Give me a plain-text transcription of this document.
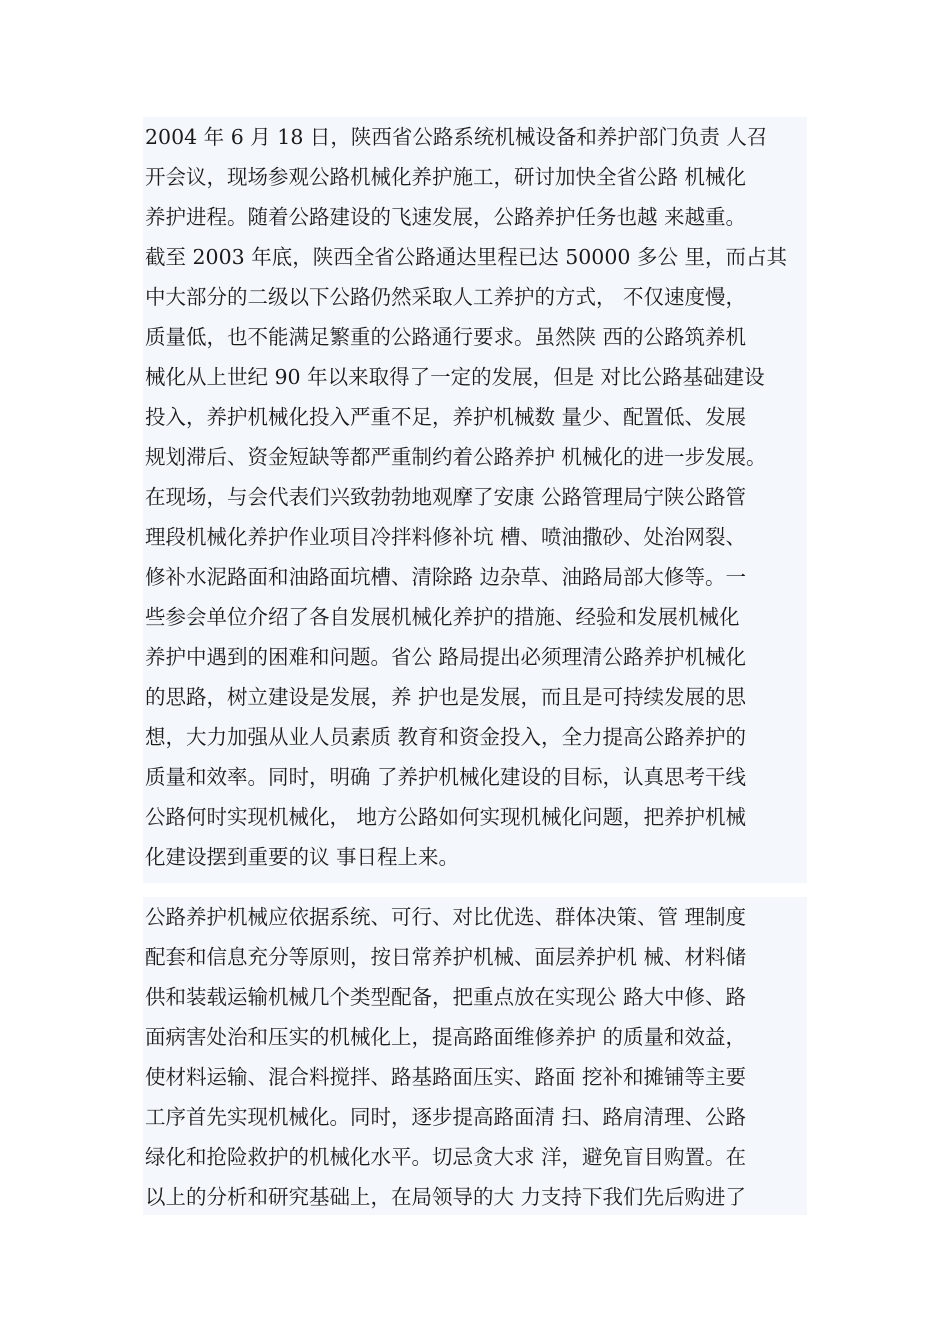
2004 年 6 月 18 日，陕西省公路系统机械设备和养护部门负责 人召
开会议，现场参观公路机械化养护施工，研讨加快全省公路 机械化
养护进程。随着公路建设的飞速发展，公路养护任务也越 来越重。
截至 2003 年底，陕西全省公路通达里程已达 50000 多公 里，而占其
中大部分的二级以下公路仍然采取人工养护的方式， 不仅速度慢，
质量低，也不能满足繁重的公路通行要求。虽然陕 西的公路筑养机
械化从上世纪 90 年以来取得了一定的发展，但是 对比公路基础建设
投入，养护机械化投入严重不足，养护机械数 量少、配置低、发展
规划滞后、资金短缺等都严重制约着公路养护 机械化的进一步发展。
在现场，与会代表们兴致勃勃地观摩了安康 公路管理局宁陕公路管
理段机械化养护作业项目冷拌料修补坑 槽、喷油撒砂、处治网裂、
修补水泥路面和油路面坑槽、清除路 边杂草、油路局部大修等。一
些参会单位介绍了各自发展机械化养护的措施、经验和发展机械化
养护中遇到的困难和问题。省公 路局提出必须理清公路养护机械化
的思路，树立建设是发展，养 护也是发展，而且是可持续发展的思
想，大力加强从业人员素质 教育和资金投入，全力提高公路养护的
质量和效率。同时，明确 了养护机械化建设的目标，认真思考干线
公路何时实现机械化， 地方公路如何实现机械化问题，把养护机械
化建设摆到重要的议 事日程上来。
公路养护机械应依据系统、可行、对比优选、群体决策、管 理制度
配套和信息充分等原则，按日常养护机械、面层养护机 械、材料储
供和装载运输机械几个类型配备，把重点放在实现公 路大中修、路
面病害处治和压实的机械化上，提高路面维修养护 的质量和效益，
使材料运输、混合料搅拌、路基路面压实、路面 挖补和摊铺等主要
工序首先实现机械化。同时，逐步提高路面清 扫、路肩清理、公路
绿化和抢险救护的机械化水平。切忌贪大求 洋，避免盲目购置。在
以上的分析和研究基础上，在局领导的大 力支持下我们先后购进了
